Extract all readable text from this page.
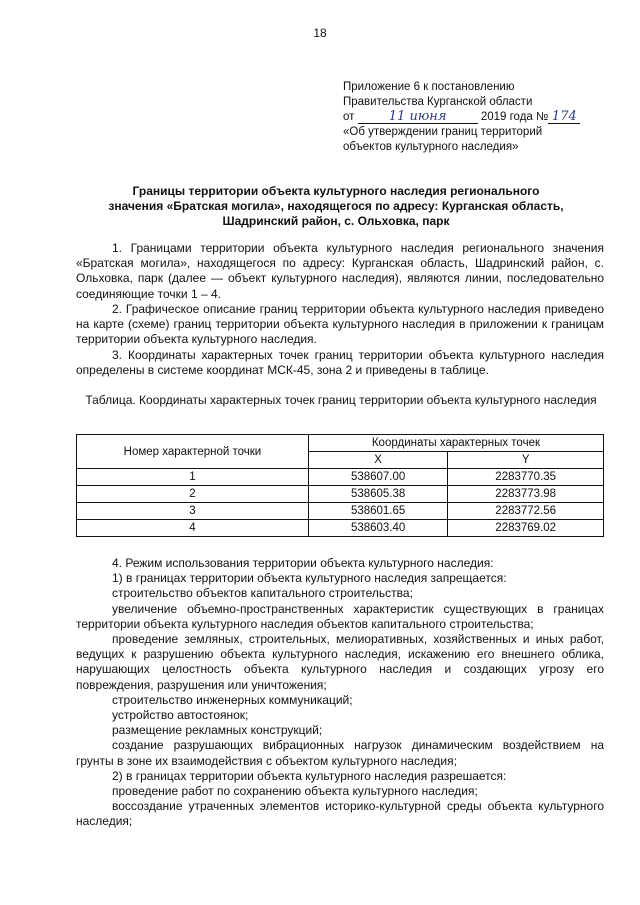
18
Приложение 6 к постановлению
Правительства Курганской области
от	11 июня	2019 года № 174
«Об утверждении границ территорий
объектов культурного наследия»
Границы территории объекта культурного наследия регионального
значения «Братская могила», находящегося по адресу: Курганская область,
Шадринский район, с. Ольховка, парк
1. Границами территории объекта культурного наследия регионального значения «Братская могила», находящегося по адресу: Курганская область, Шадринский район, с. Ольховка, парк (далее — объект культурного наследия), являются линии, последовательно соединяющие точки 1 – 4.
2. Графическое описание границ территории объекта культурного наследия приведено на карте (схеме) границ территории объекта культурного наследия в приложении к границам территории объекта культурного наследия.
3. Координаты характерных точек границ территории объекта культурного наследия определены в системе координат МСК-45, зона 2 и приведены в таблице.
Таблица. Координаты характерных точек границ территории объекта культурного наследия
Номер характерной точки	Координаты характерных точек	
	X	Y
1	538607.00	2283770.35
2	538605.38	2283773.98
3	538601.65	2283772.56
4	538603.40	2283769.02

4. Режим использования территории объекта культурного наследия:

1) в границах территории объекта культурного наследия запрещается:

строительство объектов капитального строительства;

увеличение объемно-пространственных характеристик существующих в границах территории объекта культурного наследия объектов капитального строительства;

проведение земляных, строительных, мелиоративных, хозяйственных и иных работ, ведущих к разрушению объекта культурного наследия, искажению его внешнего облика, нарушающих целостность объекта культурного наследия и создающих угрозу его повреждения, разрушения или уничтожения;

строительство инженерных коммуникаций;

устройство автостоянок;

размещение рекламных конструкций;

создание разрушающих вибрационных нагрузок динамическим воздействием на грунты в зоне их взаимодействия с объектом культурного наследия;

2) в границах территории объекта культурного наследия разрешается:

проведение работ по сохранению объекта культурного наследия;

воссоздание утраченных элементов историко-культурной среды объекта культурного наследия;
